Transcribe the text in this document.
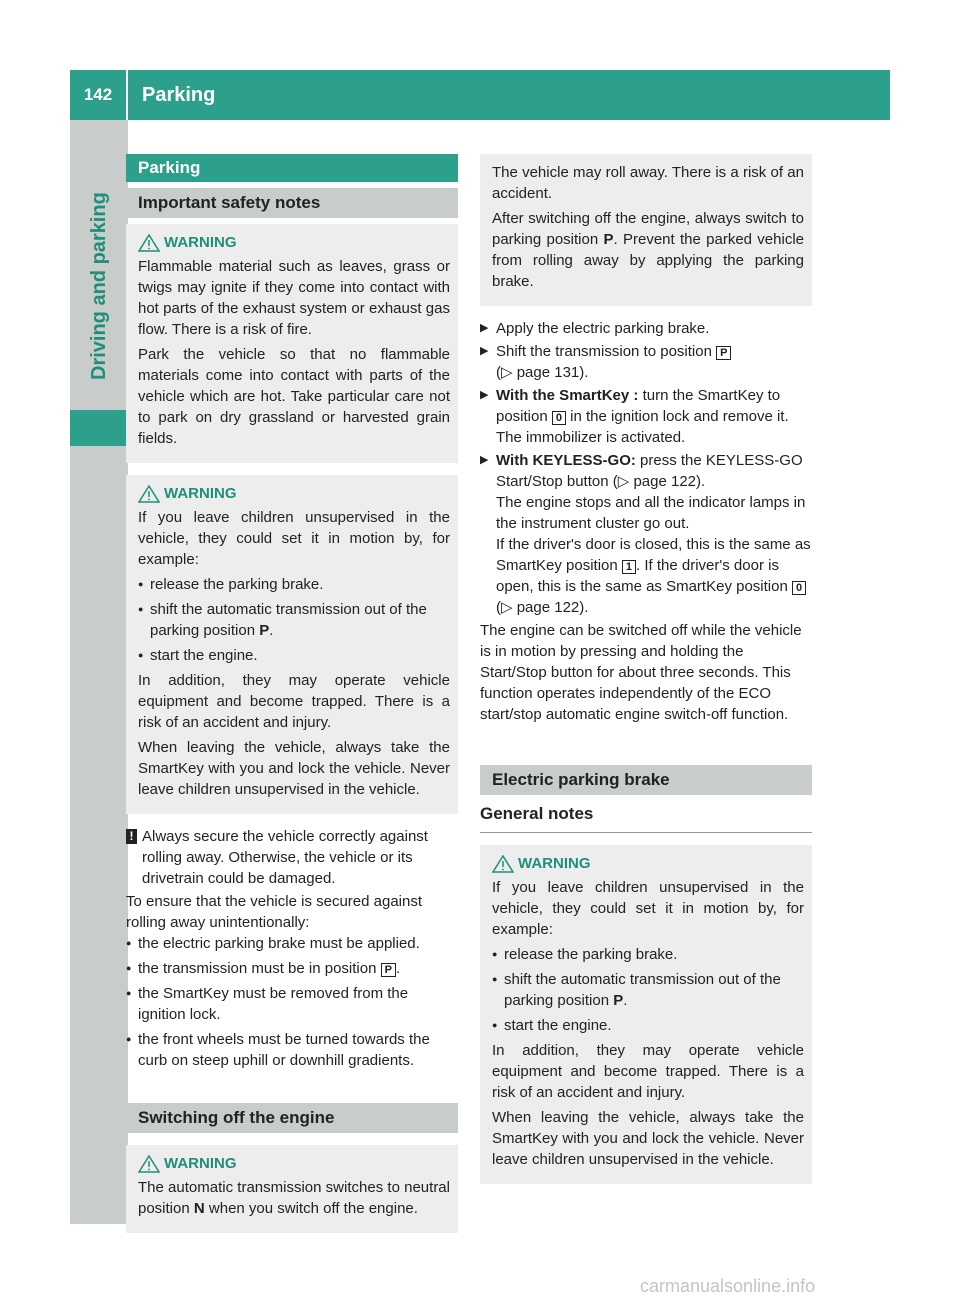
142	Parking
Driving and parking
Parking
Important safety notes
WARNING

Flammable material such as leaves, grass or twigs may ignite if they come into contact with hot parts of the exhaust system or exhaust gas flow. There is a risk of fire.

Park the vehicle so that no flammable materials come into contact with parts of the vehicle which are hot. Take particular care not to park on dry grassland or harvested grain fields.

WARNING

If you leave children unsupervised in the vehicle, they could set it in motion by, for example:

● release the parking brake.
● shift the automatic transmission out of the parking position P.
● start the engine.

In addition, they may operate vehicle equipment and become trapped. There is a risk of an accident and injury.

When leaving the vehicle, always take the SmartKey with you and lock the vehicle. Never leave children unsupervised in the vehicle.

! Always secure the vehicle correctly against rolling away. Otherwise, the vehicle or its drivetrain could be damaged.

To ensure that the vehicle is secured against rolling away unintentionally:

● the electric parking brake must be applied.
● the transmission must be in position P .
● the SmartKey must be removed from the ignition lock.
● the front wheels must be turned towards the curb on steep uphill or downhill gradients.
Switching off the engine
WARNING

The automatic transmission switches to neutral position N when you switch off the engine.

The vehicle may roll away. There is a risk of an accident.

After switching off the engine, always switch to parking position P. Prevent the parked vehicle from rolling away by applying the parking brake.

▶ Apply the electric parking brake.
▶ Shift the transmission to position P
(▷ page 131).
▶ With the SmartKey : turn the SmartKey to position 0 in the ignition lock and remove it. The immobilizer is activated.
▶ With KEYLESS-GO: press the KEYLESS-GO Start/Stop button (▷ page 122).
The engine stops and all the indicator lamps in the instrument cluster go out.
If the driver's door is closed, this is the same as SmartKey position 1 . If the driver's door is open, this is the same as SmartKey position 0 (▷ page 122).

The engine can be switched off while the vehicle is in motion by pressing and holding the Start/Stop button for about three seconds. This function operates independently of the ECO start/stop automatic engine switch-off function.

Electric parking brake
General notes
WARNING

If you leave children unsupervised in the vehicle, they could set it in motion by, for example:

● release the parking brake.
● shift the automatic transmission out of the parking position P.
● start the engine.

In addition, they may operate vehicle equipment and become trapped. There is a risk of an accident and injury.

When leaving the vehicle, always take the SmartKey with you and lock the vehicle. Never leave children unsupervised in the vehicle.

carmanualsonline.info
